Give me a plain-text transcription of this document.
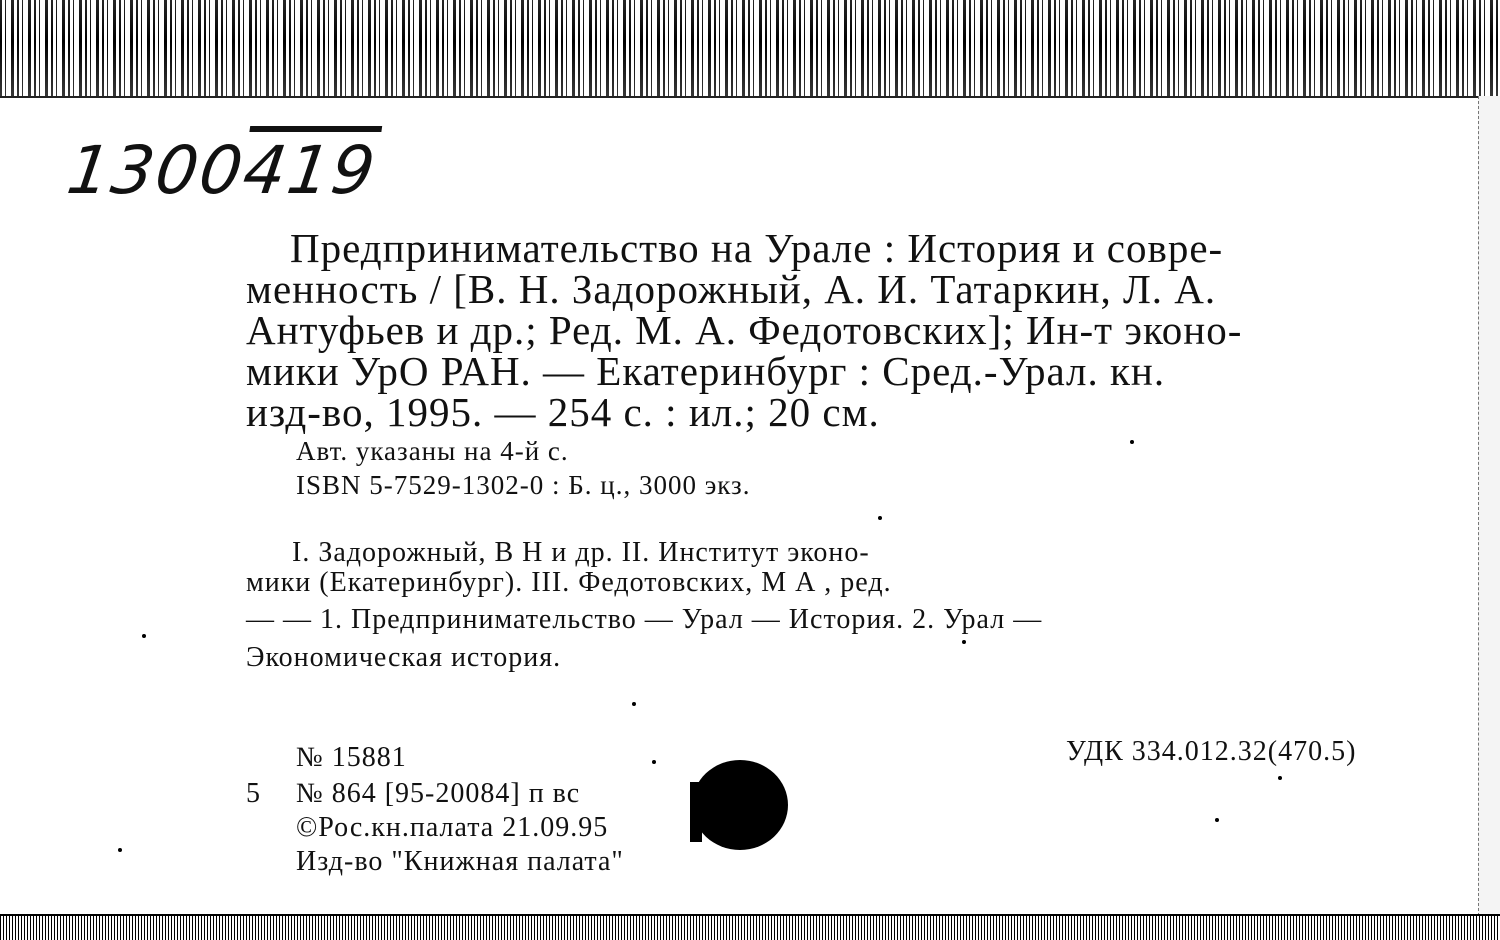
1300419
Предпринимательство на Урале : История и совре-
менность / [В. Н. Задорожный, А. И. Татаркин, Л. А.
Антуфьев и др.; Ред. М. А. Федотовских]; Ин-т эконо-
мики УрО РАН. — Екатеринбург : Сред.-Урал. кн.
изд-во, 1995. — 254 с. : ил.; 20 см.
Авт. указаны на 4-й с.
ISBN 5-7529-1302-0 : Б. ц., 3000 экз.
I. Задорожный, В Н и др. II. Институт эконо-
мики (Екатеринбург). III. Федотовских, М А , ред.
— — 1. Предпринимательство — Урал — История. 2. Урал —
Экономическая история.
№ 15881	УДК 334.012.32(470.5)
5 № 864 [95-20084] п вс
©Рос.кн.палата 21.09.95
Изд-во "Книжная палата"
